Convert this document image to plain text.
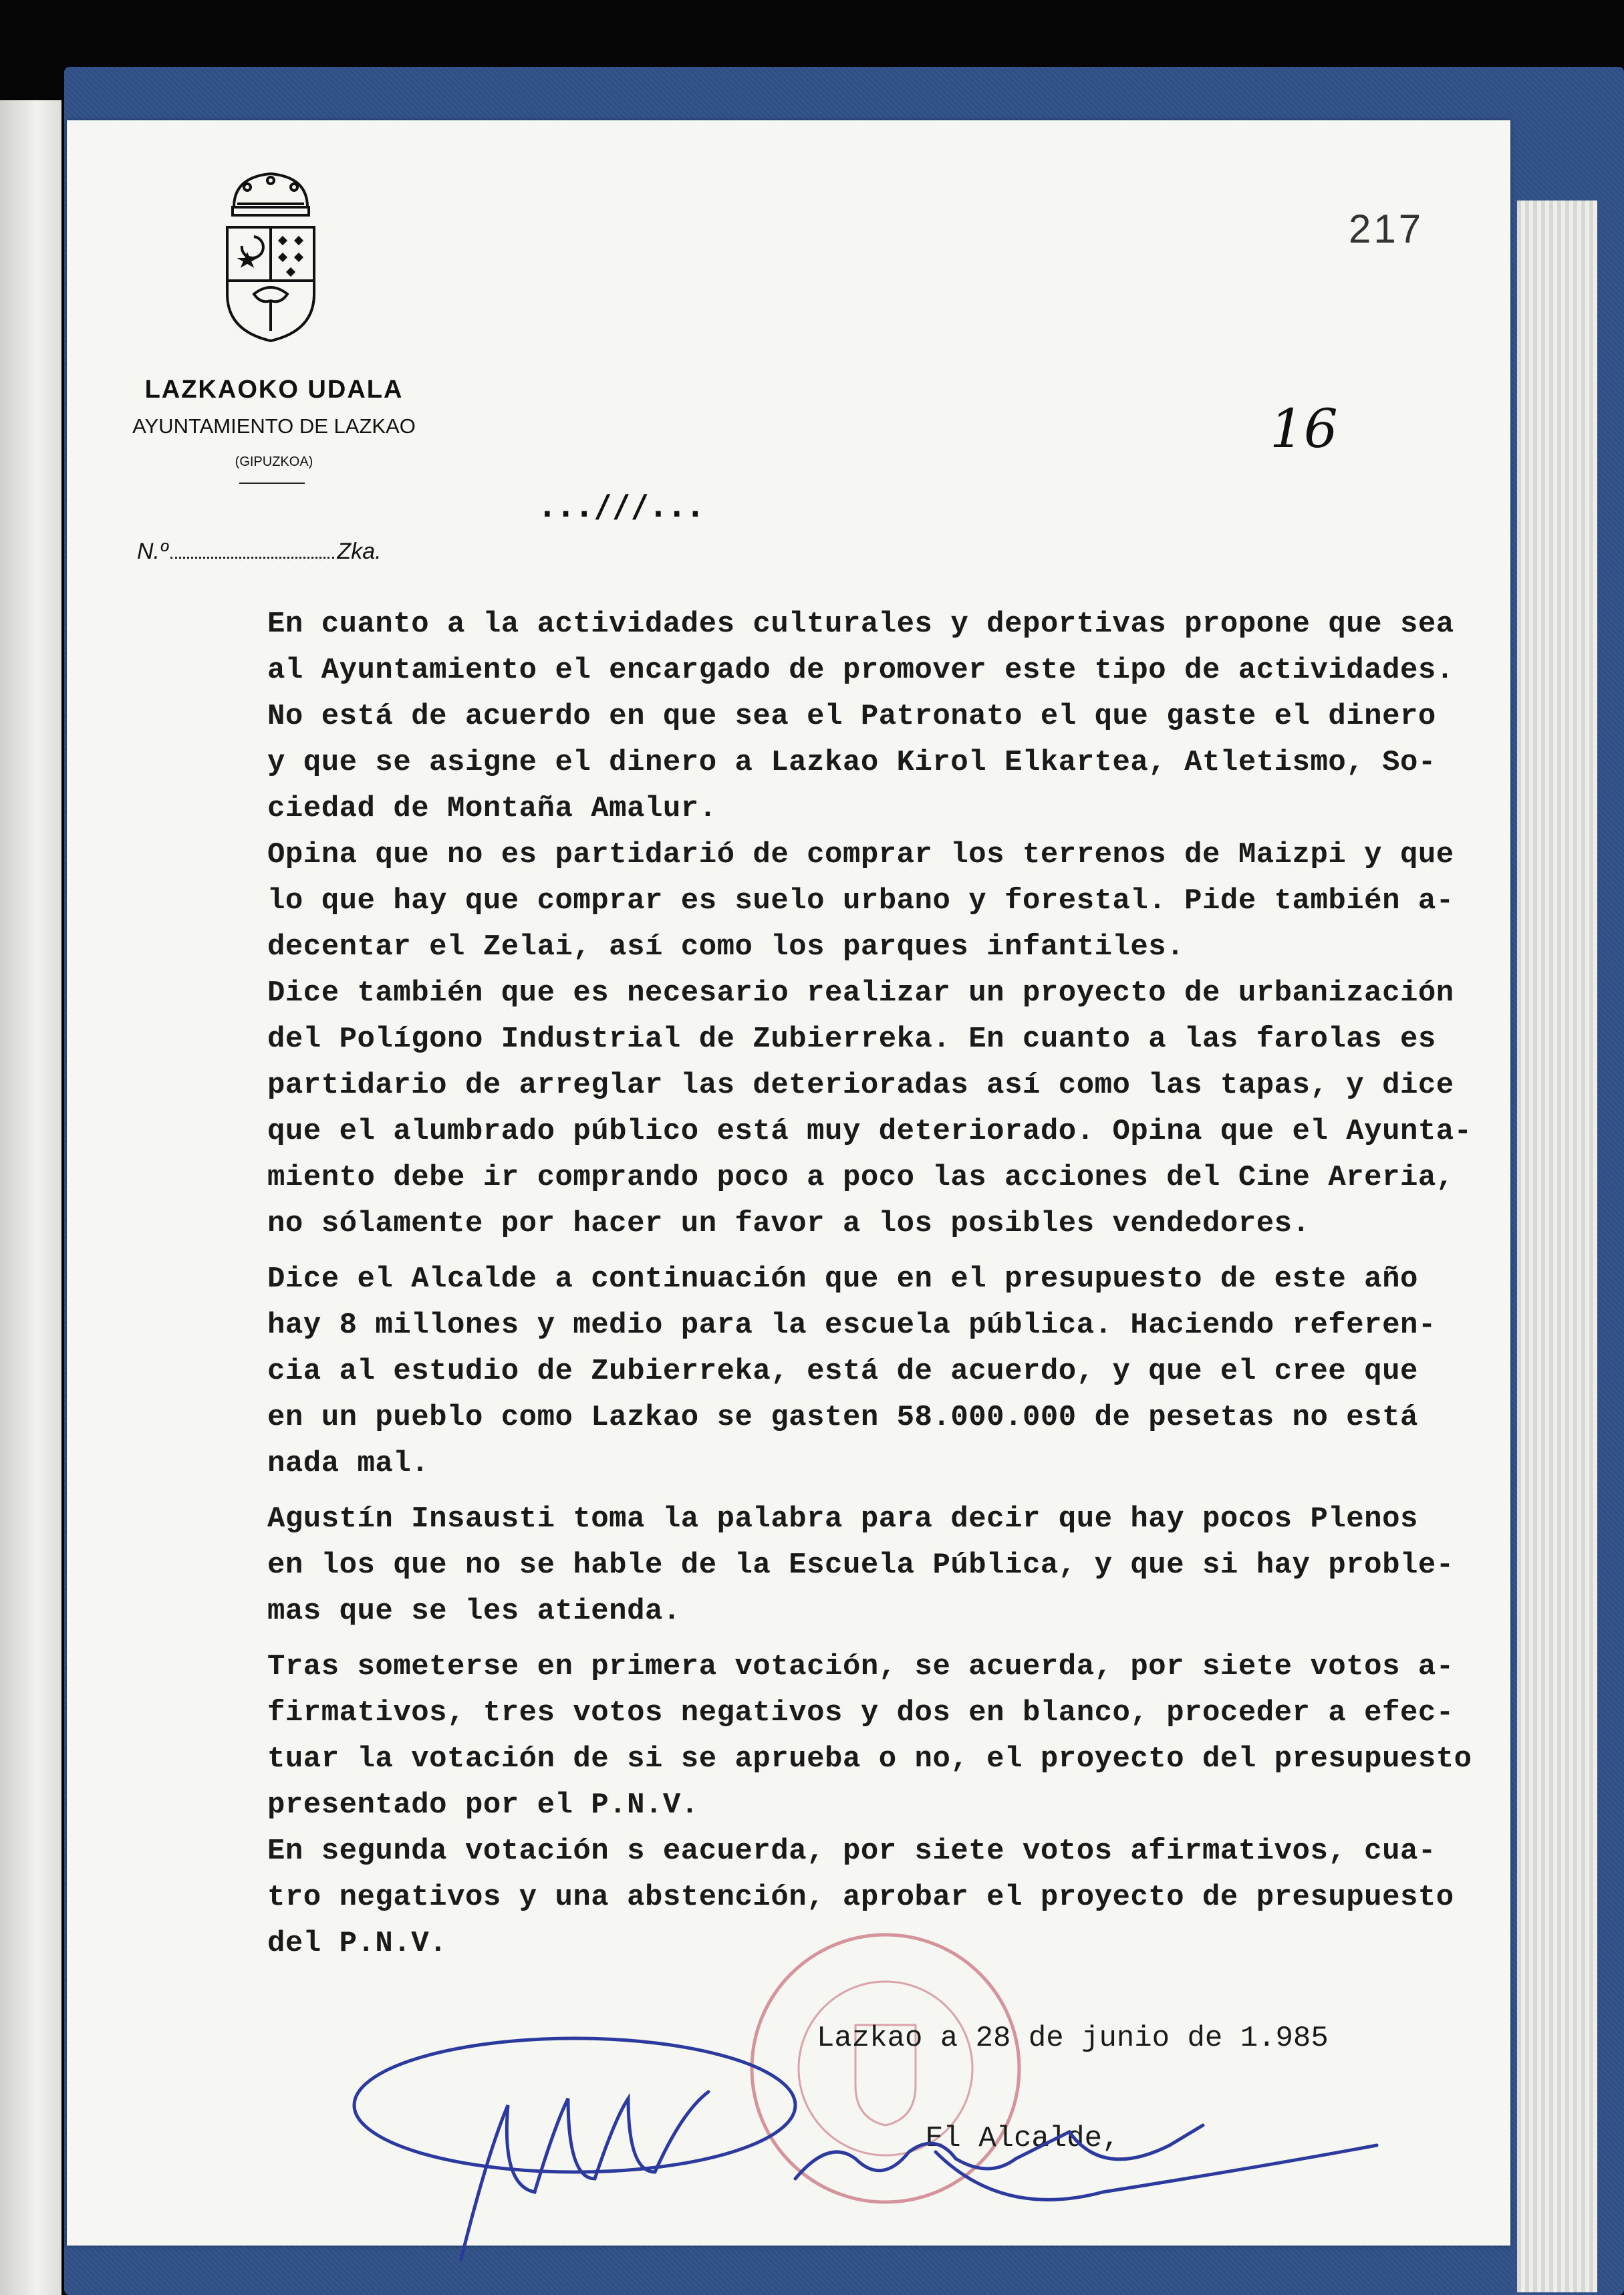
LAZKAOKO UDALA
AYUNTAMIENTO DE LAZKAO
(GIPUZKOA)
N.º	Zka.
217
16
...///...

En cuanto a la actividades culturales y deportivas propone que sea

al Ayuntamiento el encargado de promover este tipo de actividades.

No está de acuerdo en que sea el Patronato el que gaste el dinero

y que se asigne el dinero a Lazkao Kirol Elkartea, Atletismo, So-

ciedad de Montaña Amalur.

Opina que no es partidarió de comprar los terrenos de Maizpi y que

lo que hay que comprar es suelo urbano y forestal. Pide también a-

decentar el Zelai, así como los parques infantiles.

Dice también que es necesario realizar un proyecto de urbanización

del Polígono Industrial de Zubierreka. En cuanto a las farolas es

partidario de arreglar las deterioradas así como las tapas, y dice

que el alumbrado público está muy deteriorado. Opina que el Ayunta-

miento debe ir comprando poco a poco las acciones del Cine Areria,

no sólamente por hacer un favor a los posibles vendedores.

Dice el Alcalde a continuación que en el presupuesto de este año

hay 8 millones y medio para la escuela pública. Haciendo referen-

cia al estudio de Zubierreka, está de acuerdo, y que el cree que

en un pueblo como Lazkao se gasten 58.000.000 de pesetas no está

nada mal.

Agustín Insausti toma la palabra para decir que hay pocos Plenos

en los que no se hable de la Escuela Pública, y que si hay proble-

mas que se les atienda.

Tras someterse en primera votación, se acuerda, por siete votos a-

firmativos, tres votos negativos y dos en blanco, proceder a efec-

tuar la votación de si se aprueba o no, el proyecto del presupuesto

presentado por el P.N.V.

En segunda votación s eacuerda, por siete votos afirmativos, cua-

tro negativos y una abstención, aprobar el proyecto de presupuesto

del P.N.V.

Lazkao a 28 de junio de 1.985
El Alcalde,
